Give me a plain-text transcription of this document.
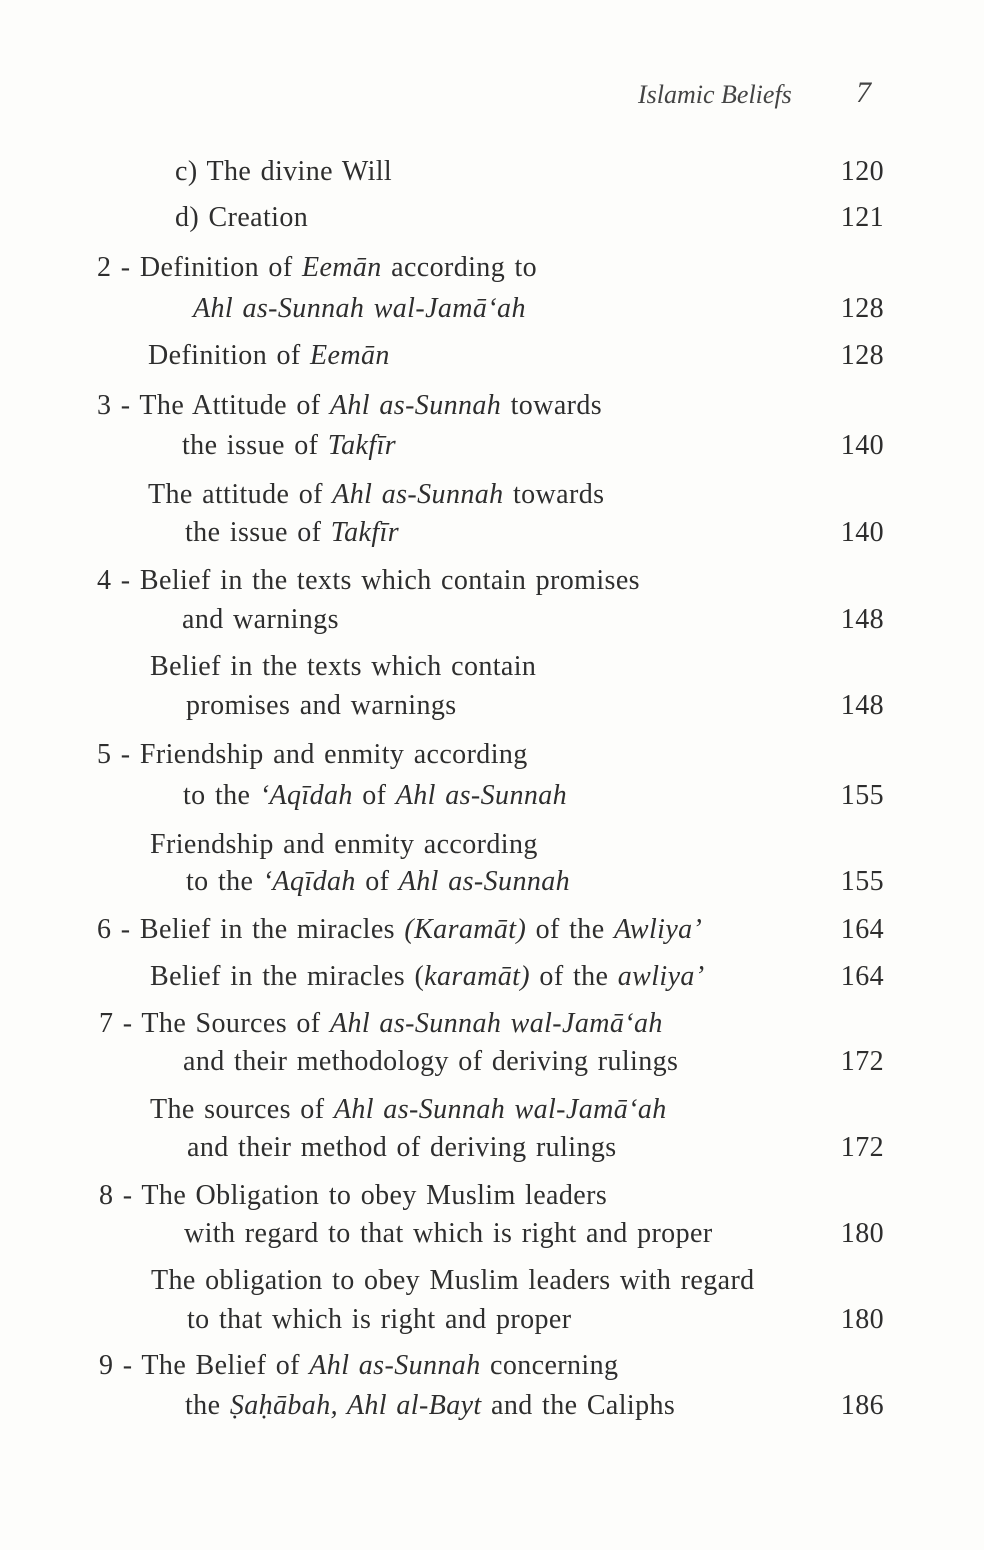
Islamic Beliefs 7
c) The divine Will	120
d) Creation	121
2 - Definition of Eemān according to
Ahl as-Sunnah wal-Jamā‘ah	128
Definition of Eemān	128
3 - The Attitude of Ahl as-Sunnah towards
the issue of Takfīr	140
The attitude of Ahl as-Sunnah towards
the issue of Takfīr	140
4 - Belief in the texts which contain promises
and warnings	148
Belief in the texts which contain
promises and warnings	148
5 - Friendship and enmity according
to the ‘Aqīdah of Ahl as-Sunnah	155
Friendship and enmity according
to the ‘Aqīdah of Ahl as-Sunnah	155
6 - Belief in the miracles (Karamāt) of the Awliya’	164
Belief in the miracles (karamāt) of the awliya’	164
7 - The Sources of Ahl as-Sunnah wal-Jamā‘ah
and their methodology of deriving rulings	172
The sources of Ahl as-Sunnah wal-Jamā‘ah
and their method of deriving rulings	172
8 - The Obligation to obey Muslim leaders
with regard to that which is right and proper	180
The obligation to obey Muslim leaders with regard
to that which is right and proper	180
9 - The Belief of Ahl as-Sunnah concerning
the Ṣaḥābah, Ahl al-Bayt and the Caliphs	186
